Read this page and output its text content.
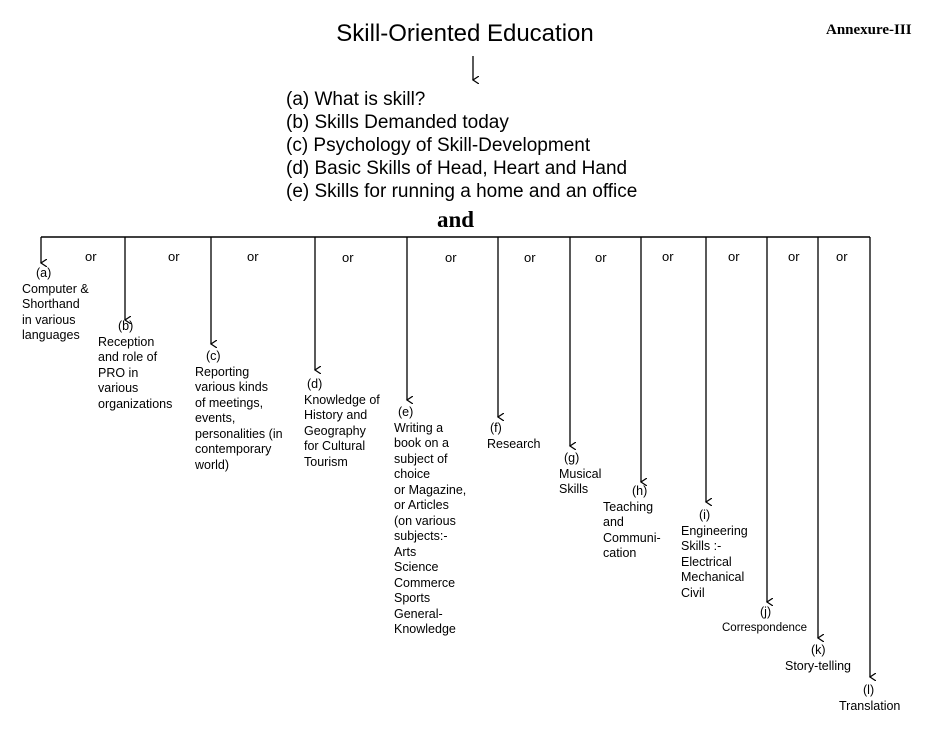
Skill-Oriented Education	Annexure-III
(a) What is skill?
(b) Skills Demanded today
(c) Psychology of Skill-Development
(d) Basic Skills of Head, Heart and Hand
(e) Skills for running a home and an office
and
or	or	or	or	or	or	or	or	or	or	or
(a)
Computer &
Shorthand
in various
languages
(b)
Reception
and role of
PRO in
various
organizations
(c)
Reporting
various kinds
of meetings,
events,
personalities (in
contemporary
world)
(d)
Knowledge of
History and
Geography
for Cultural
Tourism
(e)
Writing a
book on a
subject of
choice
or Magazine,
or Articles
(on various
subjects:-
Arts
Science
Commerce
Sports
General-
Knowledge
(f)
Research
(g)
Musical
Skills	(h)
Teaching
and
Communi-
cation
(i)
Engineering
Skills :-
Electrical
Mechanical
Civil
(j)
Correspondence
(k)
Story-telling
(l)
Translation
